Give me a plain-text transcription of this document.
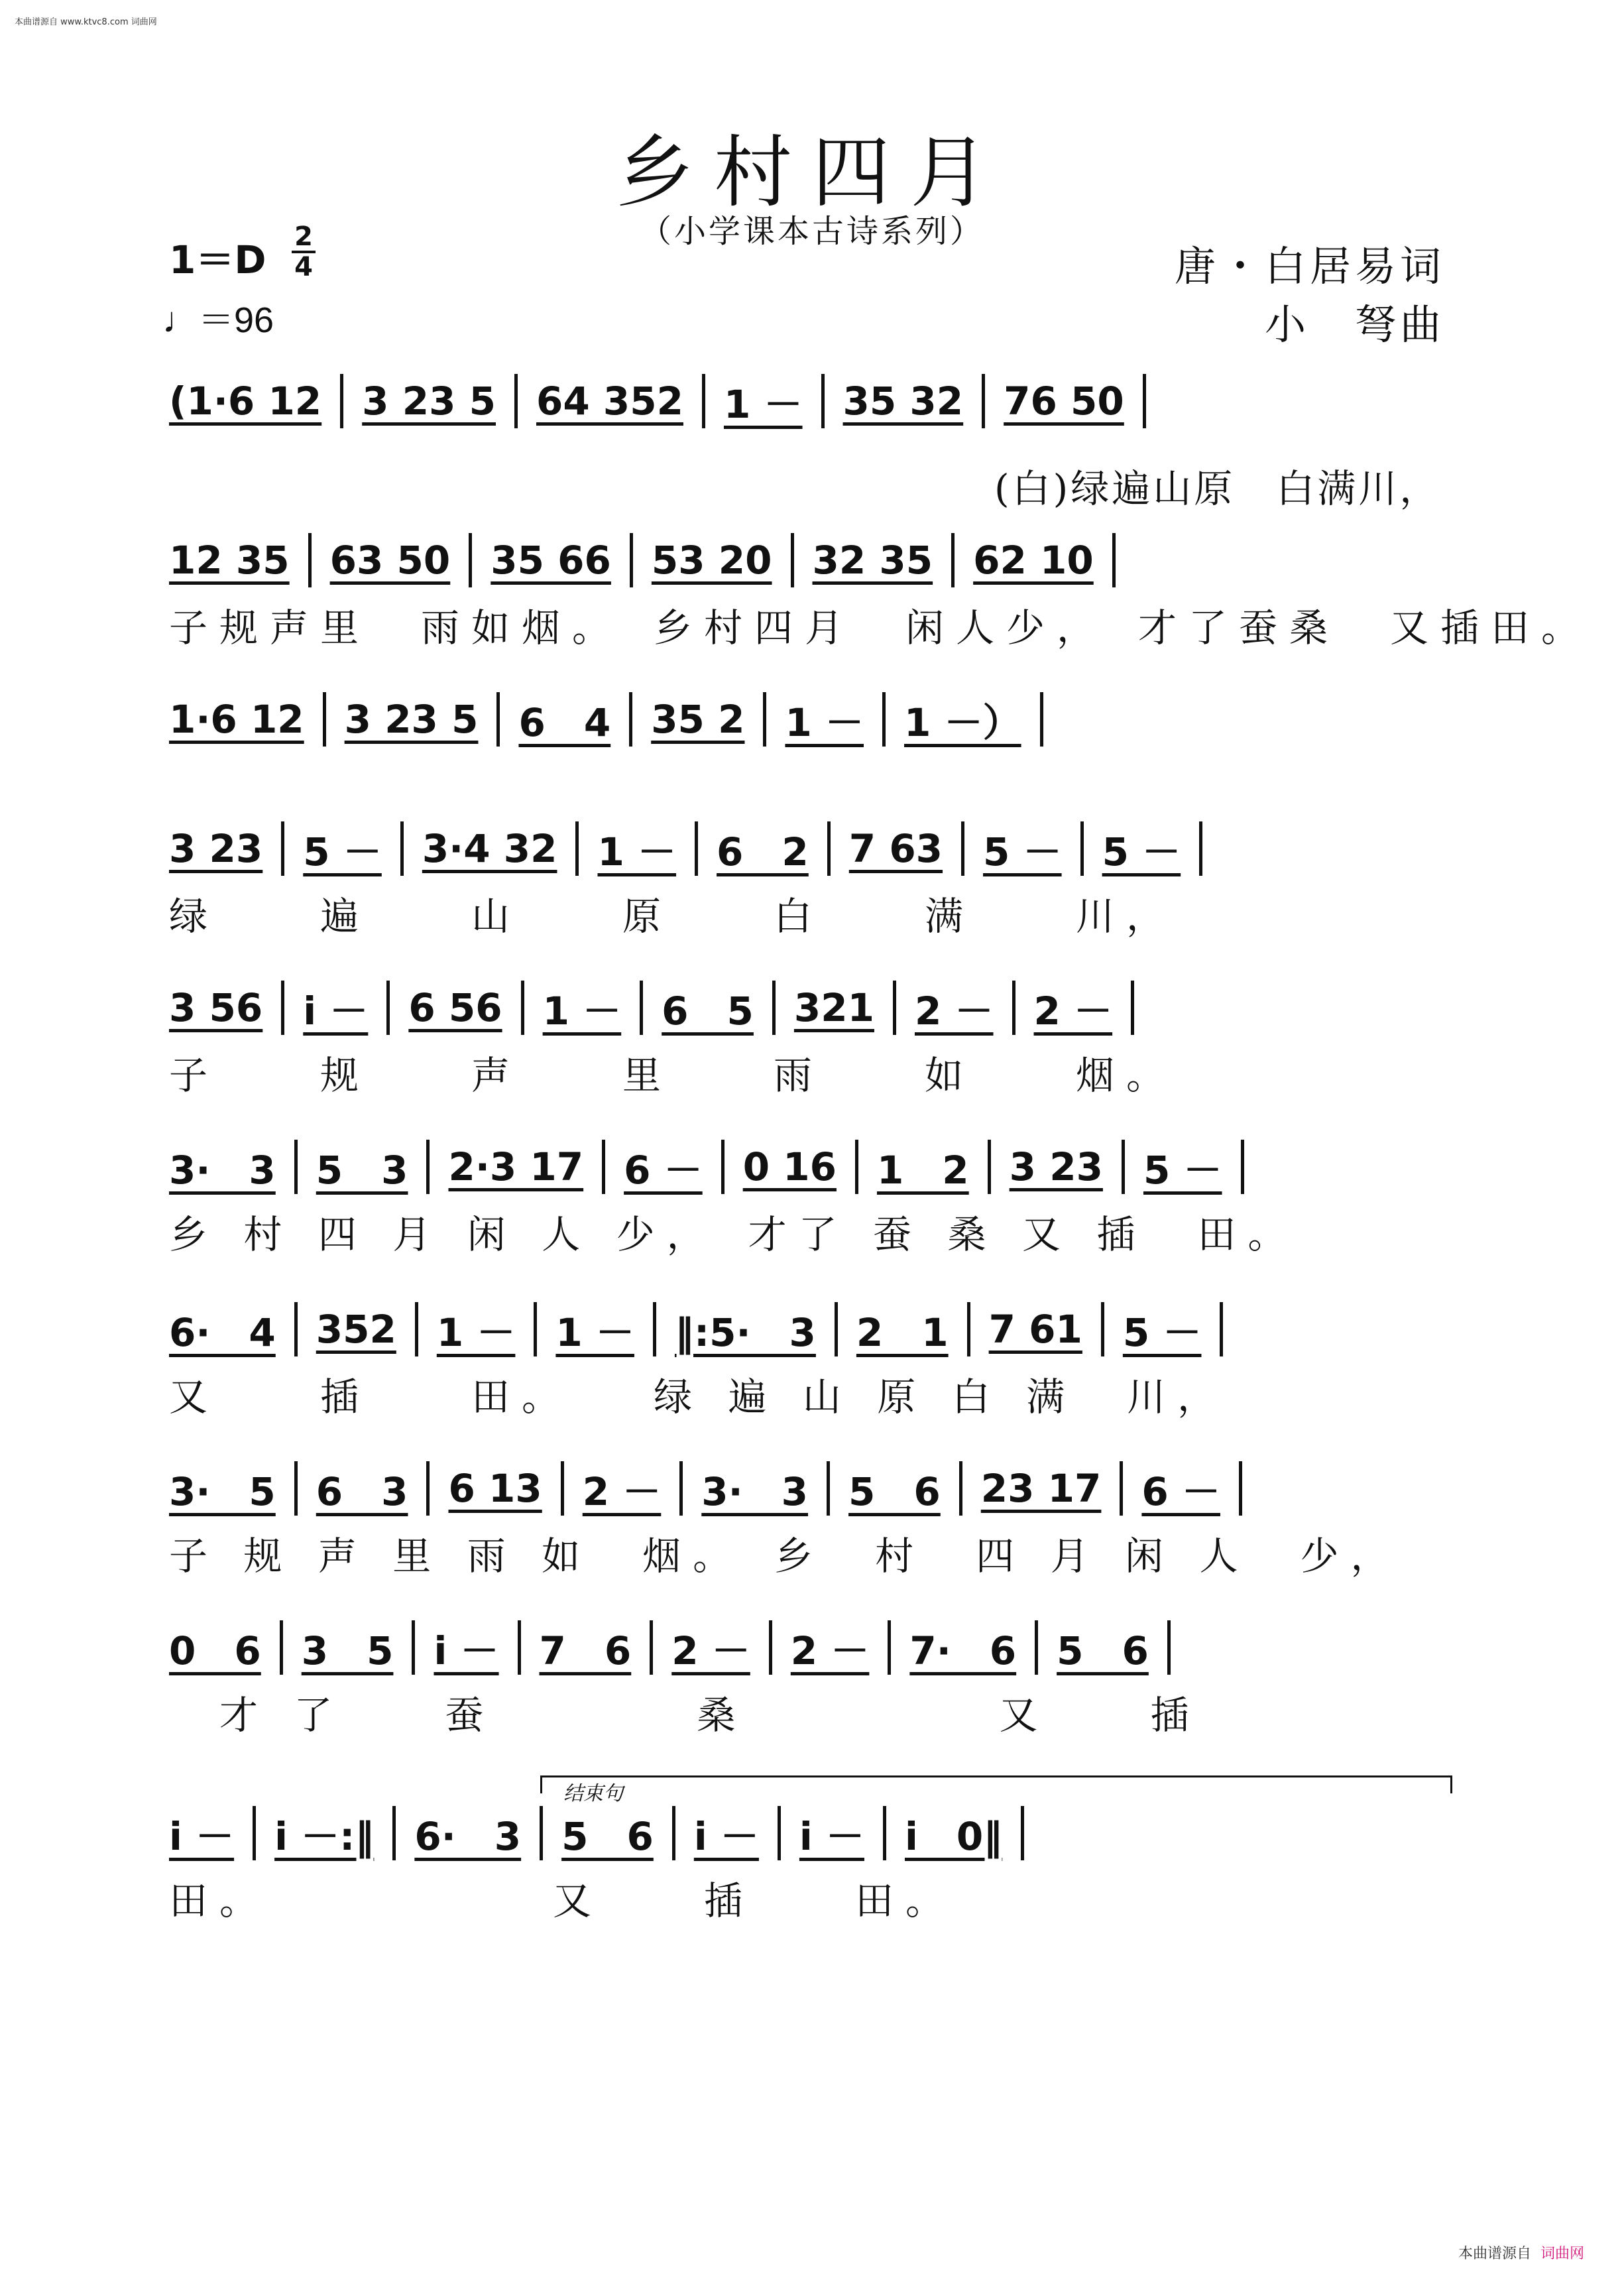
本曲谱源自 www.ktvc8.com 词曲网
乡村四月
（小学课本古诗系列）
1＝D
2
4
♩＝96
唐・白居易词
小　弩曲
(白)绿遍山原　白满川，
(1·6 12 3 23 5 64 352 1 － 35 32 76 50
12 35 63 50 35 66 53 20 32 35 62 10
子规声里　雨如烟。　乡村四月　闲人少，　才了蚕桑　又插田。
1·6 12 3 23 5 6　4 35 2 1 － 1 －）
3 23 5 － 3·4 32 1 － 6　2 7 63 5 － 5 －
绿　　遍　　山　　原　　白　　满　　川，
3 56 i － 6 56 1 － 6　5 321 2 － 2 －
子　　规　　声　　里　　雨　　如　　烟。
3·　3 5　3 2·3 17 6 － 0 16 1　2 3 23 5 －
乡 村 四 月 闲 人 少，　才了 蚕 桑 又 插　田。
6·　4 352 1 － 1 － ‖:5·　3 2　1 7 61 5 －
又　　插　　田。　　绿 遍 山 原 白 满　川，
3·　5 6　3 6 13 2 － 3·　3 5　6 23 17 6 －
子 规 声 里 雨 如　烟。　乡　村　四 月 闲 人　少，
0　6 3　5 i － 7　6 2 － 2 － 7·　6 5　6
　才 了　　蚕　　　　桑　　　　　又　　插
i － i －:‖ 6·　3 5　6 i － i － i　0‖
田。　　　　　　又　　插　　田。
结束句
本曲谱源自 词曲网
